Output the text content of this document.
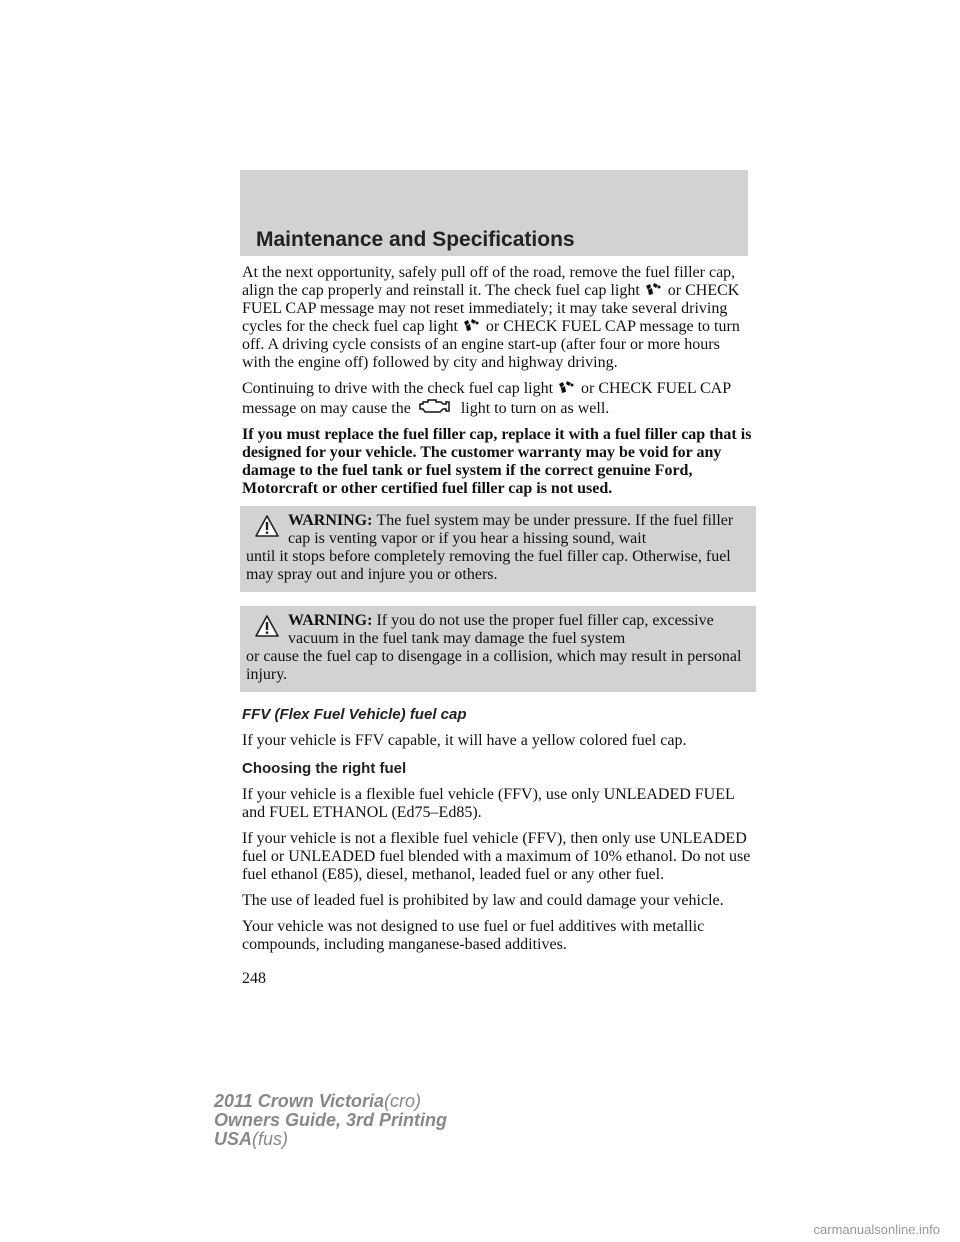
Maintenance and Specifications

At the next opportunity, safely pull off of the road, remove the fuel filler cap, align the cap properly and reinstall it. The check fuel cap light or CHECK FUEL CAP message may not reset immediately; it may take several driving cycles for the check fuel cap light or CHECK FUEL CAP message to turn off. A driving cycle consists of an engine start-up (after four or more hours with the engine off) followed by city and highway driving.

Continuing to drive with the check fuel cap light or CHECK FUEL CAP message on may cause the	light to turn on as well.

If you must replace the fuel filler cap, replace it with a fuel filler cap that is designed for your vehicle. The customer warranty may be void for any damage to the fuel tank or fuel system if the correct genuine Ford, Motorcraft or other certified fuel filler cap is not used.

WARNING: The fuel system may be under pressure. If the fuel filler cap is venting vapor or if you hear a hissing sound, wait
until it stops before completely removing the fuel filler cap. Otherwise, fuel may spray out and injure you or others.
WARNING: If you do not use the proper fuel filler cap, excessive vacuum in the fuel tank may damage the fuel system
or cause the fuel cap to disengage in a collision, which may result in personal injury.
FFV (Flex Fuel Vehicle) fuel cap

If your vehicle is FFV capable, it will have a yellow colored fuel cap.

Choosing the right fuel

If your vehicle is a flexible fuel vehicle (FFV), use only UNLEADED FUEL and FUEL ETHANOL (Ed75–Ed85).

If your vehicle is not a flexible fuel vehicle (FFV), then only use UNLEADED fuel or UNLEADED fuel blended with a maximum of 10% ethanol. Do not use fuel ethanol (E85), diesel, methanol, leaded fuel or any other fuel.

The use of leaded fuel is prohibited by law and could damage your vehicle.

Your vehicle was not designed to use fuel or fuel additives with metallic compounds, including manganese-based additives.

248
2011 Crown Victoria(cro)
Owners Guide, 3rd Printing
USA(fus)
carmanualsonline.info
